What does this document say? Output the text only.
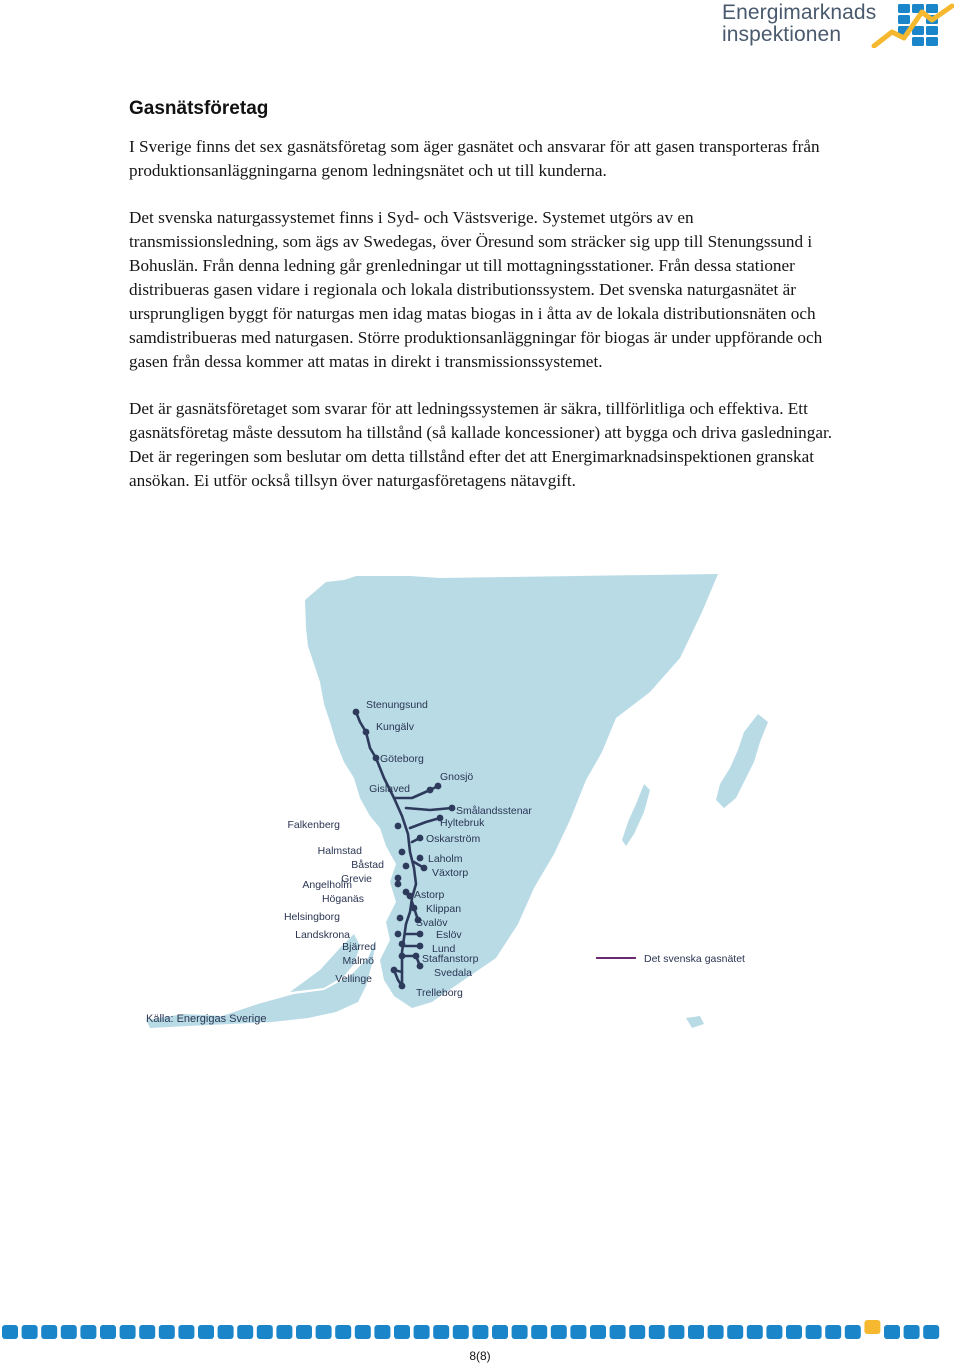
Energimarknads
inspektionen
Gasnätsföretag

I Sverige finns det sex gasnätsföretag som äger gasnätet och ansvarar för att gasen transporteras från produktionsanläggningarna genom ledningsnätet och ut till kunderna.

Det svenska naturgassystemet finns i Syd- och Västsverige. Systemet utgörs av en transmissionsledning, som ägs av Swedegas, över Öresund som sträcker sig upp till Stenungssund i Bohuslän. Från denna ledning går grenledningar ut till mottagningsstationer. Från dessa stationer distribueras gasen vidare i regionala och lokala distributionssystem. Det svenska naturgasnätet är ursprungligen byggt för naturgas men idag matas biogas in i åtta av de lokala distributionsnäten och samdistribueras med naturgasen. Större produktionsanläggningar för biogas är under uppförande och gasen från dessa kommer att matas in direkt i transmissionssystemet.

Det är gasnätsföretaget som svarar för att ledningssystemen är säkra, tillförlitliga och effektiva. Ett gasnätsföretag måste dessutom ha tillstånd (så kallade koncessioner) att bygga och driva gasledningar. Det är regeringen som beslutar om detta tillstånd efter det att Energimarknadsinspektionen granskat ansökan. Ei utför också tillsyn över naturgasföretagens nätavgift.

Stenungsund
Kungälv
Göteborg
Gnosjö
Gislaved
Smålandsstenar
Hyltebruk
Falkenberg
Oskarström
Halmstad
Laholm
Båstad
Växtorp
Grevie
Angelholm
Höganäs	Astorp
Klippan
Helsingborg	Svalöv
Landskrona	Eslöv
Bjärred	Lund
Malmö	Staffanstorp
Svedala
Vellinge
Trelleborg
Det svenska gasnätet
Källa: Energigas Sverige
8(8)
